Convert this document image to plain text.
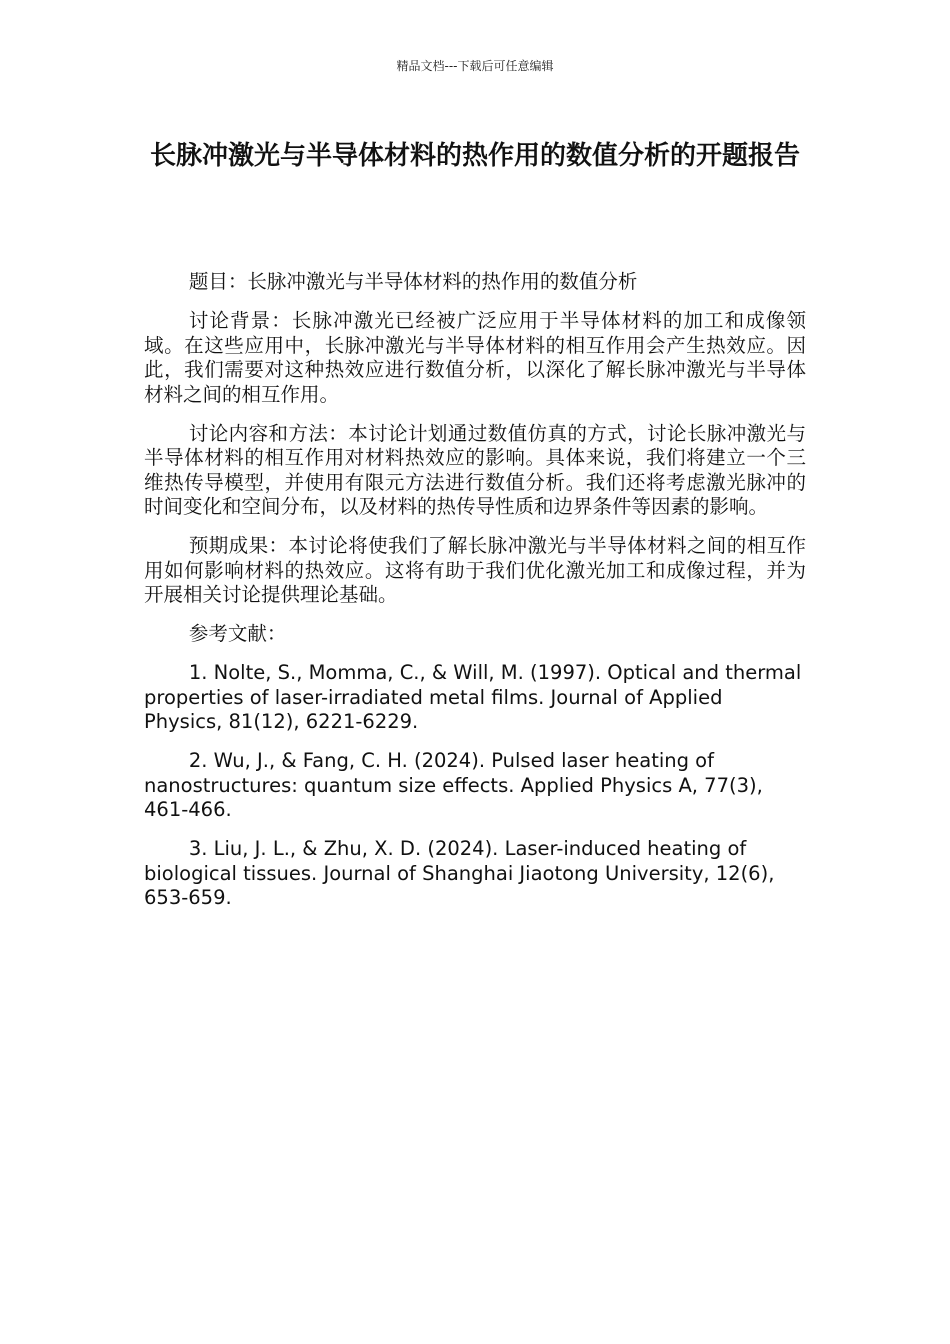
精品文档---下载后可任意编辑
长脉冲激光与半导体材料的热作用的数值分析的开题报告

题目：长脉冲激光与半导体材料的热作用的数值分析

讨论背景：长脉冲激光已经被广泛应用于半导体材料的加工和成像领域。在这些应用中，长脉冲激光与半导体材料的相互作用会产生热效应。因此，我们需要对这种热效应进行数值分析，以深化了解长脉冲激光与半导体材料之间的相互作用。

讨论内容和方法：本讨论计划通过数值仿真的方式，讨论长脉冲激光与半导体材料的相互作用对材料热效应的影响。具体来说，我们将建立一个三维热传导模型，并使用有限元方法进行数值分析。我们还将考虑激光脉冲的时间变化和空间分布，以及材料的热传导性质和边界条件等因素的影响。

预期成果：本讨论将使我们了解长脉冲激光与半导体材料之间的相互作用如何影响材料的热效应。这将有助于我们优化激光加工和成像过程，并为开展相关讨论提供理论基础。

参考文献：

1. Nolte, S., Momma, C., & Will, M. (1997). Optical and thermal properties of laser-irradiated metal films. Journal of Applied Physics, 81(12), 6221-6229.

2. Wu, J., & Fang, C. H. (2024). Pulsed laser heating of nanostructures: quantum size effects. Applied Physics A, 77(3), 461-466.

3. Liu, J. L., & Zhu, X. D. (2024). Laser-induced heating of biological tissues. Journal of Shanghai Jiaotong University, 12(6), 653-659.
